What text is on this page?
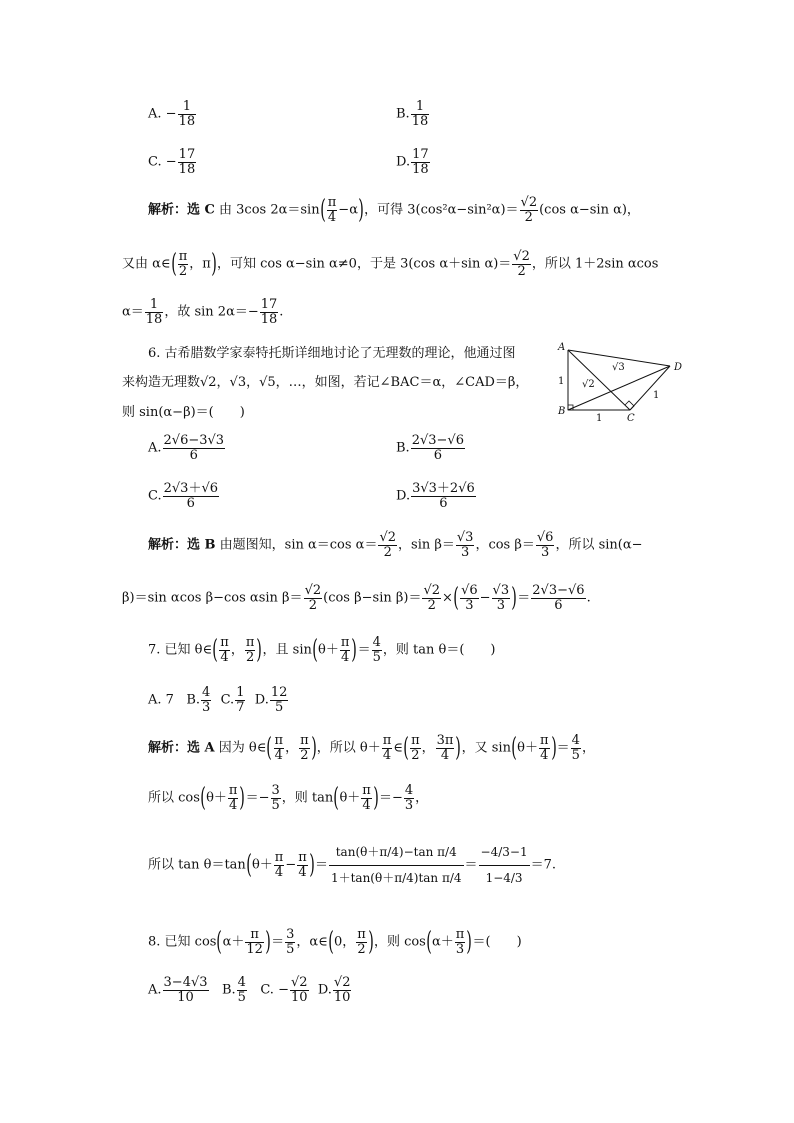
A. − $\frac{1}{18}$	B. $\frac{1}{18}$
C. − $\frac{17}{18}$	D. $\frac{17}{18}$
解析：选 C 由 3cos $2\alpha=\sin( \frac{\pi}{4} -\alpha)$，可得 $3(\cos^2\alpha-\sin^2\alpha)= \frac{√2}{2} (\cos$ α−sin α)，
又由 α∈( $\frac{\pi}{2}$ ，π)，可知 cos α−sin α≠0，于是 3(cos α＋sin $\alpha)= \frac{√2}{2}$ ，所以 1＋2sin αcos
$\alpha= \frac{1}{18}$ ，故 $\sin 2\alpha=- \frac{17}{18}$ .
6. 古希腊数学家泰特托斯详细地讨论了无理数的理论，他通过图
来构造无理数√2，√3，√5，…，如图，若记∠BAC＝α，∠CAD＝β，
则 sin(α−β)＝(　　)
A
B
C
D
1
1
1
√2
√3
A. $\frac{2√6-3√3}{6}$	B. $\frac{2√3-√6}{6}$
C. $\frac{2√3+√6}{6}$	D. $\frac{3√3+2√6}{6}$
解析：选 B 由题图知，sin α＝cos $\alpha= \frac{√2}{2}$ ，$\sin \beta= \frac{√3}{3}$ ，$\cos \beta= \frac{√6}{3}$ ，所以 sin(α−
β)＝sin αcos β−cos αsin $\beta= \frac{√2}{2} (\cos$ β−sin $\beta)= \frac{√2}{2}$ ×( $\frac{√6}{3} - \frac{√3}{3}$ )＝ $\frac{2√3-√6}{6}$ .
7. 已知 θ∈( $\frac{\pi}{4}$ ， $\frac{\pi}{2}$ )，且 $\sin(\theta+ \frac{\pi}{4}$ )＝ $\frac{4}{5}$ ，则 tan θ＝(　　)
A. 7 B. $\frac{4}{3} C$. $\frac{1}{7} D$. $\frac{12}{5}$
解析：选 A 因为 θ∈( $\frac{\pi}{4}$ ， $\frac{\pi}{2}$ )，所以 $\theta+ \frac{\pi}{4}$ ∈( $\frac{\pi}{2}$ ， $\frac{3\pi}{4}$ )，又 $\sin(\theta+ \frac{\pi}{4}$ )＝ $\frac{4}{5}$ ，
所以 $\cos(\theta+ \frac{\pi}{4}$ )＝− $\frac{3}{5}$ ，则 $\tan(\theta+ \frac{\pi}{4}$ )＝− $\frac{4}{3}$ ，
所以 $\tan \theta=\tan(\theta+ \frac{\pi}{4} - \frac{\pi}{4}$ )＝ $\frac{\text{tan(θ＋π/4)−tan π/4}}{\text{1＋tan(θ＋π/4)tan π/4}} = \frac{-4/3-1}{1-4/3} =7$.
8. 已知 $\cos(\alpha+ \frac{\pi}{12}$ )＝ $\frac{3}{5}$ ，α∈(0， $\frac{\pi}{2}$ )，则 $\cos(\alpha+ \frac{\pi}{3}$ )＝(　　)
A. $\frac{3-4√3}{10} B$. $\frac{4}{5} C$. − $\frac{√2}{10} D$. $\frac{√2}{10}$
